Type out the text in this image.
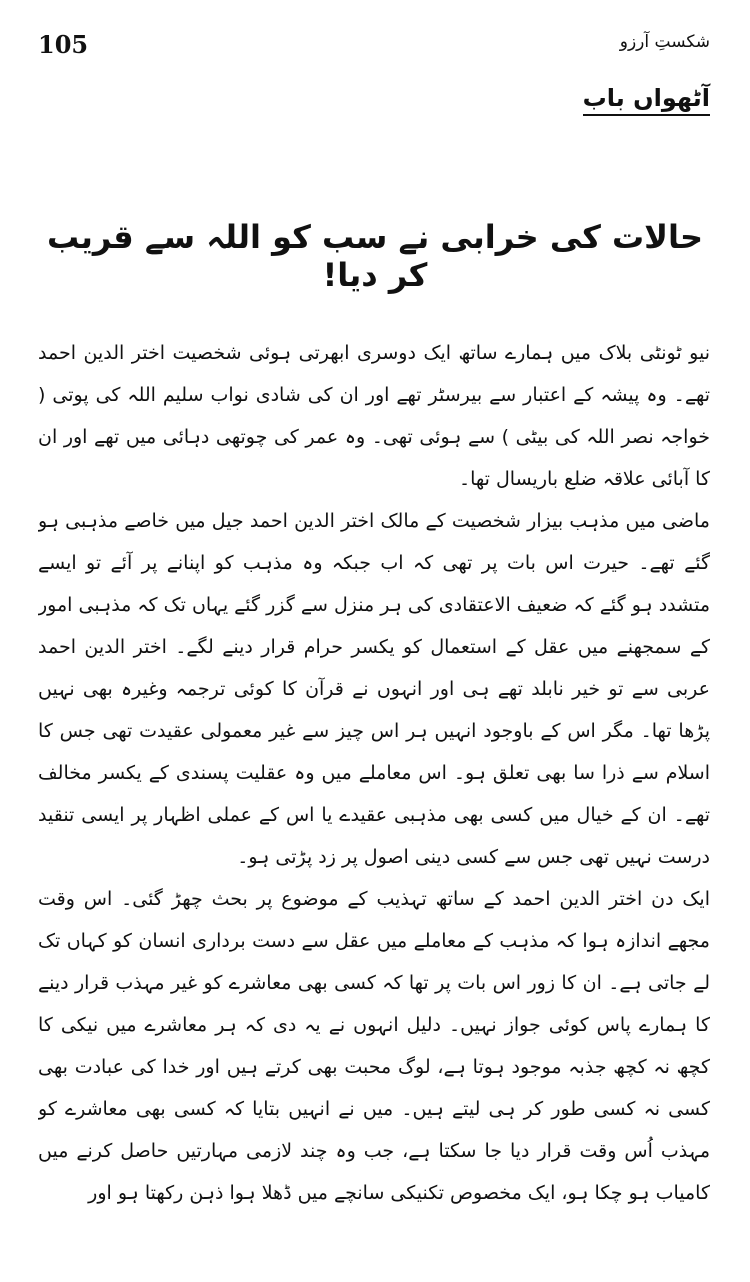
105	شکستِ آرزو
آٹھواں باب
حالات کی خرابی نے سب کو اللہ سے قریب کر دیا!

نیو ٹونٹی بلاک میں ہمارے ساتھ ایک دوسری ابھرتی ہوئی شخصیت اختر الدین احمد تھے۔ وہ پیشہ کے اعتبار سے بیرسٹر تھے اور ان کی شادی نواب سلیم اللہ کی پوتی ( خواجہ نصر اللہ کی بیٹی ) سے ہوئی تھی۔ وہ عمر کی چوتھی دہائی میں تھے اور ان کا آبائی علاقہ ضلع باریسال تھا۔

ماضی میں مذہب بیزار شخصیت کے مالک اختر الدین احمد جیل میں خاصے مذہبی ہو گئے تھے۔ حیرت اس بات پر تھی کہ اب جبکہ وہ مذہب کو اپنانے پر آئے تو ایسے متشدد ہو گئے کہ ضعیف الاعتقادی کی ہر منزل سے گزر گئے یہاں تک کہ مذہبی امور کے سمجھنے میں عقل کے استعمال کو یکسر حرام قرار دینے لگے۔ اختر الدین احمد عربی سے تو خیر نابلد تھے ہی اور انہوں نے قرآن کا کوئی ترجمہ وغیرہ بھی نہیں پڑھا تھا۔ مگر اس کے باوجود انہیں ہر اس چیز سے غیر معمولی عقیدت تھی جس کا اسلام سے ذرا سا بھی تعلق ہو۔ اس معاملے میں وہ عقلیت پسندی کے یکسر مخالف تھے۔ ان کے خیال میں کسی بھی مذہبی عقیدے یا اس کے عملی اظہار پر ایسی تنقید درست نہیں تھی جس سے کسی دینی اصول پر زد پڑتی ہو۔

ایک دن اختر الدین احمد کے ساتھ تہذیب کے موضوع پر بحث چھڑ گئی۔ اس وقت مجھے اندازہ ہوا کہ مذہب کے معاملے میں عقل سے دست برداری انسان کو کہاں تک لے جاتی ہے۔ ان کا زور اس بات پر تھا کہ کسی بھی معاشرے کو غیر مہذب قرار دینے کا ہمارے پاس کوئی جواز نہیں۔ دلیل انہوں نے یہ دی کہ ہر معاشرے میں نیکی کا کچھ نہ کچھ جذبہ موجود ہوتا ہے، لوگ محبت بھی کرتے ہیں اور خدا کی عبادت بھی کسی نہ کسی طور کر ہی لیتے ہیں۔ میں نے انہیں بتایا کہ کسی بھی معاشرے کو مہذب اُس وقت قرار دیا جا سکتا ہے، جب وہ چند لازمی مہارتیں حاصل کرنے میں کامیاب ہو چکا ہو، ایک مخصوص تکنیکی سانچے میں ڈھلا ہوا ذہن رکھتا ہو اور
